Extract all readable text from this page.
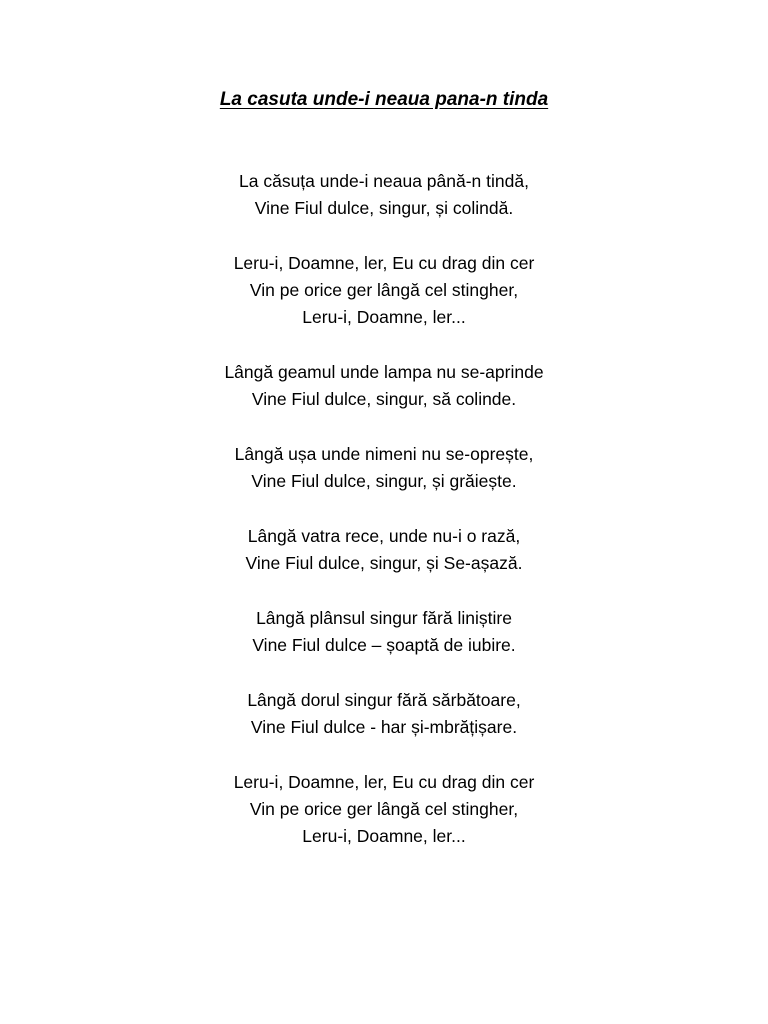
La casuta unde-i neaua pana-n tinda
La căsuța unde-i neaua până-n tindă,
Vine Fiul dulce, singur, și colindă.
Leru-i, Doamne, ler, Eu cu drag din cer
Vin pe orice ger lângă cel stingher,
Leru-i, Doamne, ler...
Lângă geamul unde lampa nu se-aprinde
Vine Fiul dulce, singur, să colinde.
Lângă ușa unde nimeni nu se-oprește,
Vine Fiul dulce, singur, și grăiește.
Lângă vatra rece, unde nu-i o rază,
Vine Fiul dulce, singur, și Se-așază.
Lângă plânsul singur fără liniștire
Vine Fiul dulce – șoaptă de iubire.
Lângă dorul singur fără sărbătoare,
Vine Fiul dulce - har și-mbrățișare.
Leru-i, Doamne, ler, Eu cu drag din cer
Vin pe orice ger lângă cel stingher,
Leru-i, Doamne, ler...
